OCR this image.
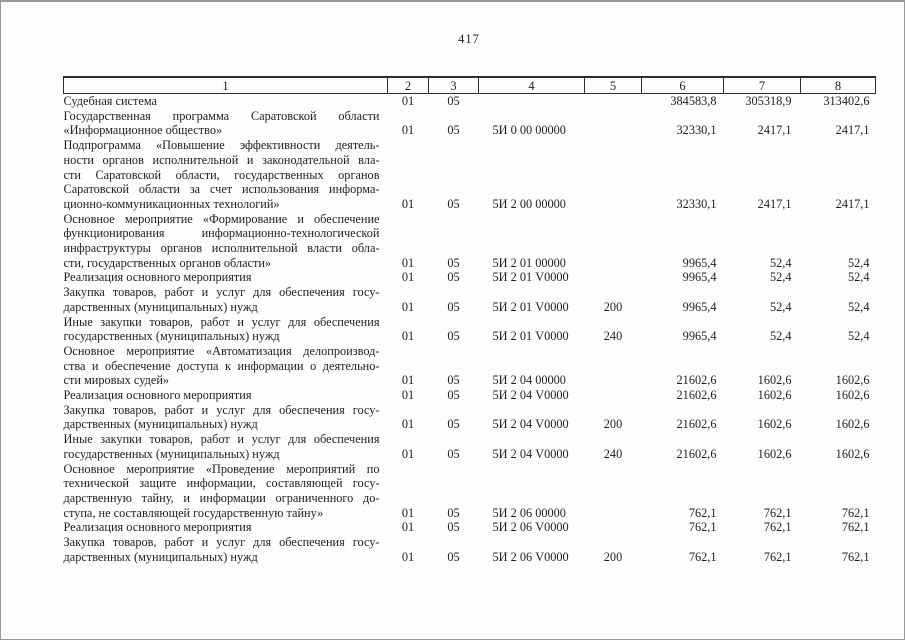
417
1	2	3	4	5	6	7	8

Судебная система	01	05			384583,8	305318,9	313402,6

Государственная программа Саратовской области
«Информационное общество»	01	05	5И 0 00 00000		32330,1	2417,1	2417,1

Подпрограмма «Повышение эффективности деятель-
ности органов исполнительной и законодательной вла-
сти Саратовской области, государственных органов
Саратовской области за счет использования информа-
ционно-коммуникационных технологий»	01	05	5И 2 00 00000		32330,1	2417,1	2417,1

Основное мероприятие «Формирование и обеспечение
функционирования информационно-технологической
инфраструктуры органов исполнительной власти обла-
сти, государственных органов области»	01	05	5И 2 01 00000		9965,4	52,4	52,4

Реализация основного мероприятия	01	05	5И 2 01 V0000		9965,4	52,4	52,4

Закупка товаров, работ и услуг для обеспечения госу-
дарственных (муниципальных) нужд	01	05	5И 2 01 V0000	200	9965,4	52,4	52,4

Иные закупки товаров, работ и услуг для обеспечения
государственных (муниципальных) нужд	01	05	5И 2 01 V0000	240	9965,4	52,4	52,4

Основное мероприятие «Автоматизация делопроизвод-
ства и обеспечение доступа к информации о деятельно-
сти мировых судей»	01	05	5И 2 04 00000		21602,6	1602,6	1602,6

Реализация основного мероприятия	01	05	5И 2 04 V0000		21602,6	1602,6	1602,6

Закупка товаров, работ и услуг для обеспечения госу-
дарственных (муниципальных) нужд	01	05	5И 2 04 V0000	200	21602,6	1602,6	1602,6

Иные закупки товаров, работ и услуг для обеспечения
государственных (муниципальных) нужд	01	05	5И 2 04 V0000	240	21602,6	1602,6	1602,6

Основное мероприятие «Проведение мероприятий по
технической защите информации, составляющей госу-
дарственную тайну, и информации ограниченного до-
ступа, не составляющей государственную тайну»	01	05	5И 2 06 00000		762,1	762,1	762,1

Реализация основного мероприятия	01	05	5И 2 06 V0000		762,1	762,1	762,1

Закупка товаров, работ и услуг для обеспечения госу-
дарственных (муниципальных) нужд	01	05	5И 2 06 V0000	200	762,1	762,1	762,1
